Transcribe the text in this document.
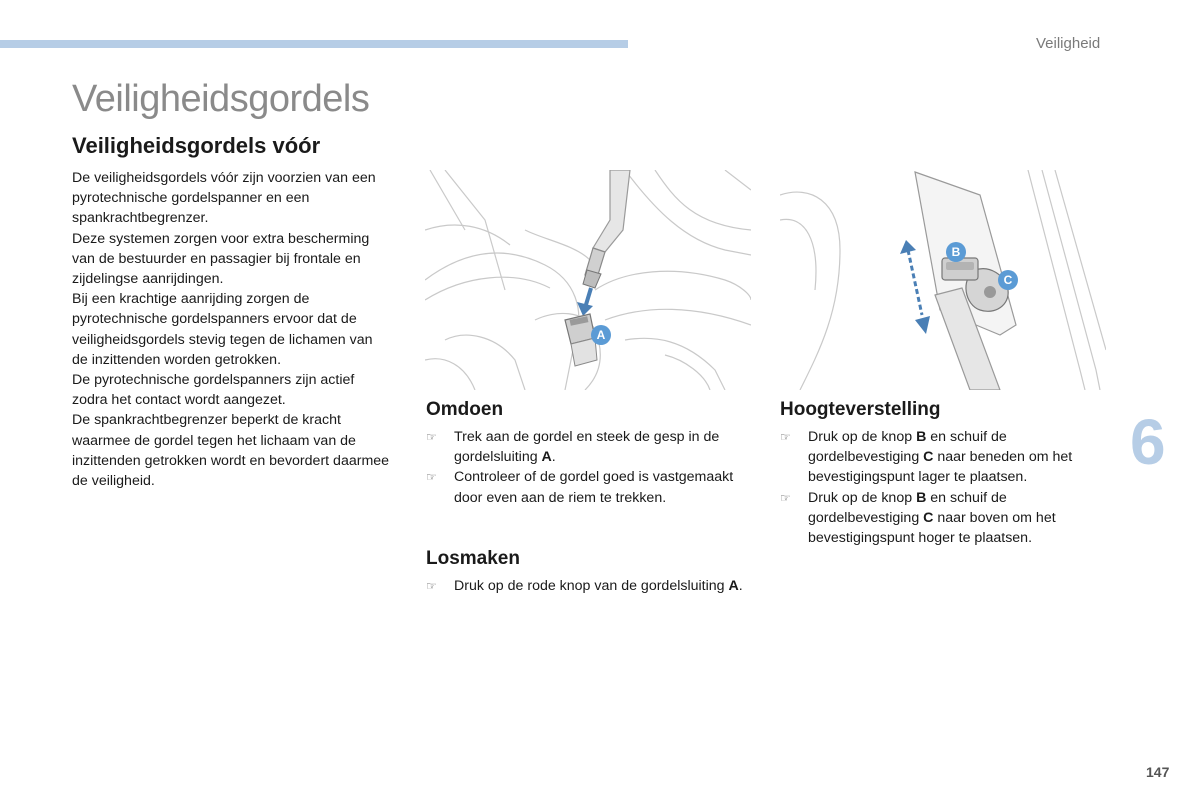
Veiligheid
Veiligheidsgordels
Veiligheidsgordels vóór

De veiligheidsgordels vóór zijn voorzien van een pyrotechnische gordelspanner en een spankrachtbegrenzer.

Deze systemen zorgen voor extra bescherming van de bestuurder en passagier bij frontale en zijdelingse aanrijdingen.

Bij een krachtige aanrijding zorgen de pyrotechnische gordelspanners ervoor dat de veiligheidsgordels stevig tegen de lichamen van de inzittenden worden getrokken.

De pyrotechnische gordelspanners zijn actief zodra het contact wordt aangezet.

De spankrachtbegrenzer beperkt de kracht waarmee de gordel tegen het lichaam van de inzittenden getrokken wordt en bevordert daarmee de veiligheid.

A
B
C
Omdoen
☞	Trek aan de gordel en steek de gesp in de gordelsluiting A.
☞	Controleer of de gordel goed is vastgemaakt door even aan de riem te trekken.
Losmaken
☞	Druk op de rode knop van de gordelsluiting A.
Hoogteverstelling
☞	Druk op de knop B en schuif de gordelbevestiging C naar beneden om het bevestigingspunt lager te plaatsen.
☞	Druk op de knop B en schuif de gordelbevestiging C naar boven om het bevestigingspunt hoger te plaatsen.
6
147
